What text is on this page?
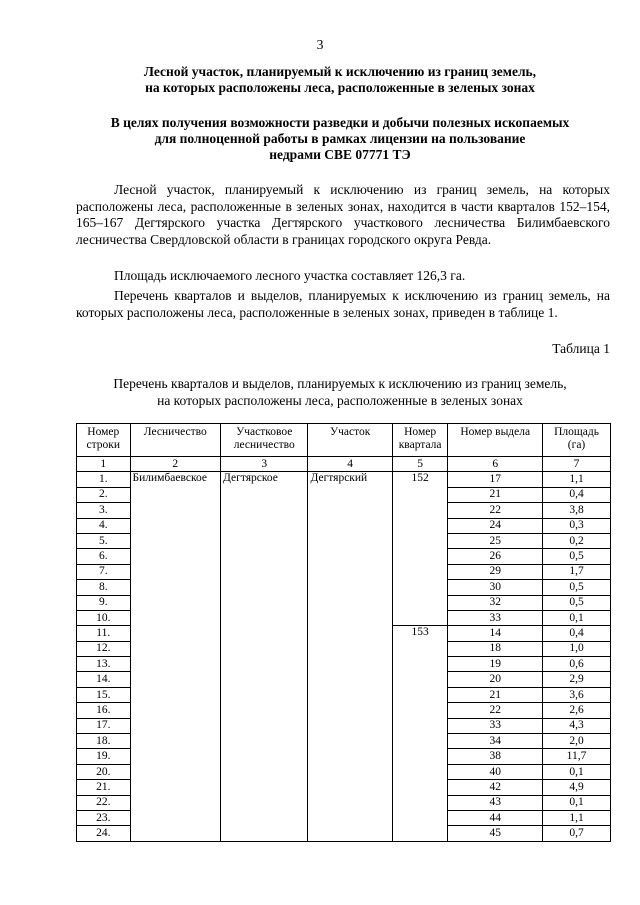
3
Лесной участок, планируемый к исключению из границ земель,
на которых расположены леса, расположенные в зеленых зонах
В целях получения возможности разведки и добычи полезных ископаемых
для полноценной работы в рамках лицензии на пользование
недрами СВЕ 07771 ТЭ
Лесной участок, планируемый к исключению из границ земель, на которых расположены леса, расположенные в зеленых зонах, находится в части кварталов 152–154, 165–167 Дегтярского участка Дегтярского участкового лесничества Билимбаевского лесничества Свердловской области в границах городского округа Ревда.
Площадь исключаемого лесного участка составляет 126,3 га.
Перечень кварталов и выделов, планируемых к исключению из границ земель, на которых расположены леса, расположенные в зеленых зонах, приведен в таблице 1.
Таблица 1
Перечень кварталов и выделов, планируемых к исключению из границ земель,
на которых расположены леса, расположенные в зеленых зонах
Номер строки	Лесничество	Участковое лесничество	Участок	Номер квартала	Номер выдела	Площадь (га)
1	2	3	4	5	6	7
1.	Билимбаевское	Дегтярское	Дегтярский	152	17	1,1
2.					21	0,4
3.					22	3,8
4.					24	0,3
5.					25	0,2
6.					26	0,5
7.					29	1,7
8.					30	0,5
9.					32	0,5
10.					33	0,1
11.				153	14	0,4
12.					18	1,0
13.					19	0,6
14.					20	2,9
15.					21	3,6
16.					22	2,6
17.					33	4,3
18.					34	2,0
19.					38	11,7
20.					40	0,1
21.					42	4,9
22.					43	0,1
23.					44	1,1
24.					45	0,7
